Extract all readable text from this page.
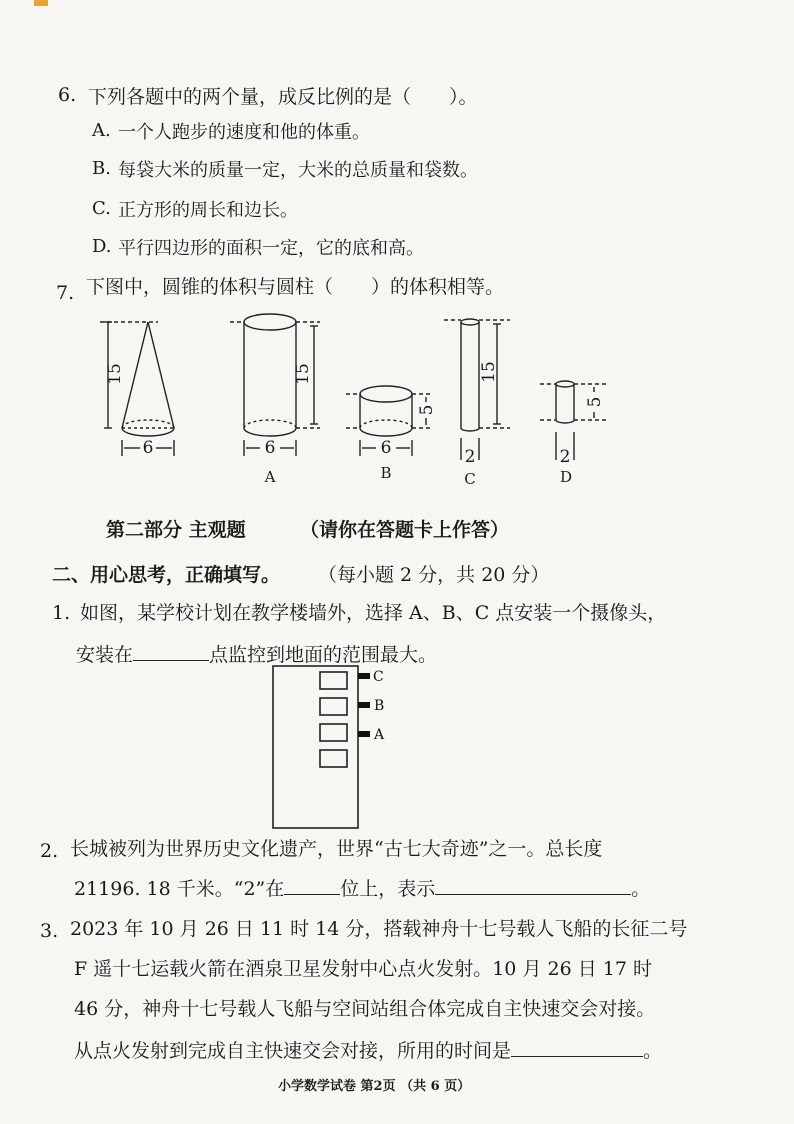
6. 下列各题中的两个量，成反比例的是（　　）。
A. 一个人跑步的速度和他的体重。
B. 每袋大米的质量一定，大米的总质量和袋数。
C. 正方形的周长和边长。
D. 平行四边形的面积一定，它的底和高。
7. 下图中，圆锥的体积与圆柱（　　）的体积相等。
15
6
15
6
A
5
6
B
15
2
C
5
2
D
第二部分 主观题	（请你在答题卡上作答）
二、用心思考，正确填写。 （每小题 2 分，共 20 分）
1. 如图，某学校计划在教学楼墙外，选择 A、B、C 点安装一个摄像头，
安装在	点监控到地面的范围最大。
C
B
A
2. 长城被列为世界历史文化遗产，世界“古七大奇迹”之一。总长度
21196. 18 千米。“2”在	位上，表示	。
3. 2023 年 10 月 26 日 11 时 14 分，搭载神舟十七号载人飞船的长征二号
F 遥十七运载火箭在酒泉卫星发射中心点火发射。10 月 26 日 17 时
46 分，神舟十七号载人飞船与空间站组合体完成自主快速交会对接。
从点火发射到完成自主快速交会对接，所用的时间是	。
小学数学试卷 第2页 （共 6 页）
